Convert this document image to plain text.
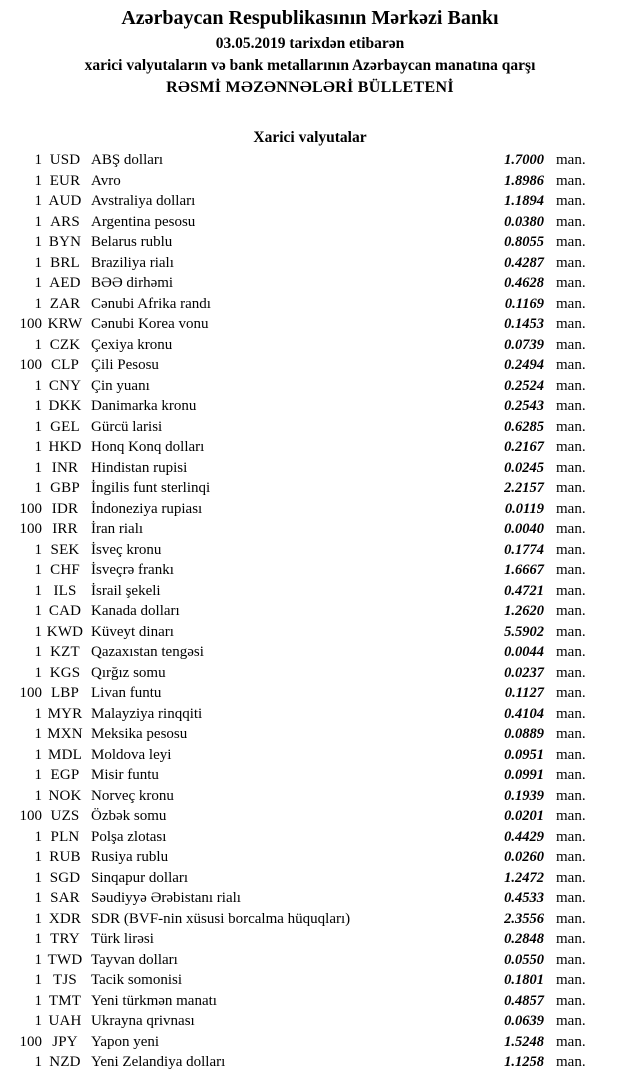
Azərbaycan Respublikasının Mərkəzi Bankı
03.05.2019 tarixdən etibarən
xarici valyutaların və bank metallarının Azərbaycan manatına qarşı
RƏSMİ MƏZƏNNƏLƏRİ BÜLLETENİ
Xarici valyutalar
1 USD ABŞ dolları	1.7000 man.
1 EUR Avro	1.8986 man.
1 AUD Avstraliya dolları	1.1894 man.
1 ARS Argentina pesosu	0.0380 man.
1 BYN Belarus rublu	0.8055 man.
1 BRL Braziliya rialı	0.4287 man.
1 AED BƏƏ dirhəmi	0.4628 man.
1 ZAR Cənubi Afrika randı	0.1169 man.
100 KRW Cənubi Korea vonu	0.1453 man.
1 CZK Çexiya kronu	0.0739 man.
100 CLP Çili Pesosu	0.2494 man.
1 CNY Çin yuanı	0.2524 man.
1 DKK Danimarka kronu	0.2543 man.
1 GEL Gürcü larisi	0.6285 man.
1 HKD Honq Konq dolları	0.2167 man.
1 INR Hindistan rupisi	0.0245 man.
1 GBP İngilis funt sterlinqi	2.2157 man.
100 IDR İndoneziya rupiası	0.0119 man.
100 IRR İran rialı	0.0040 man.
1 SEK İsveç kronu	0.1774 man.
1 CHF İsveçrə frankı	1.6667 man.
1 ILS İsrail şekeli	0.4721 man.
1 CAD Kanada dolları	1.2620 man.
1 KWD Küveyt dinarı	5.5902 man.
1 KZT Qazaxıstan tengəsi	0.0044 man.
1 KGS Qırğız somu	0.0237 man.
100 LBP Livan funtu	0.1127 man.
1 MYR Malayziya rinqqiti	0.4104 man.
1 MXN Meksika pesosu	0.0889 man.
1 MDL Moldova leyi	0.0951 man.
1 EGP Misir funtu	0.0991 man.
1 NOK Norveç kronu	0.1939 man.
100 UZS Özbək somu	0.0201 man.
1 PLN Polşa zlotası	0.4429 man.
1 RUB Rusiya rublu	0.0260 man.
1 SGD Sinqapur dolları	1.2472 man.
1 SAR Səudiyyə Ərəbistanı rialı	0.4533 man.
1 XDR SDR (BVF-nin xüsusi borcalma hüquqları)	2.3556 man.
1 TRY Türk lirəsi	0.2848 man.
1 TWD Tayvan dolları	0.0550 man.
1 TJS Tacik somonisi	0.1801 man.
1 TMT Yeni türkmən manatı	0.4857 man.
1 UAH Ukrayna qrivnası	0.0639 man.
100 JPY Yapon yeni	1.5248 man.
1 NZD Yeni Zelandiya dolları	1.1258 man.
